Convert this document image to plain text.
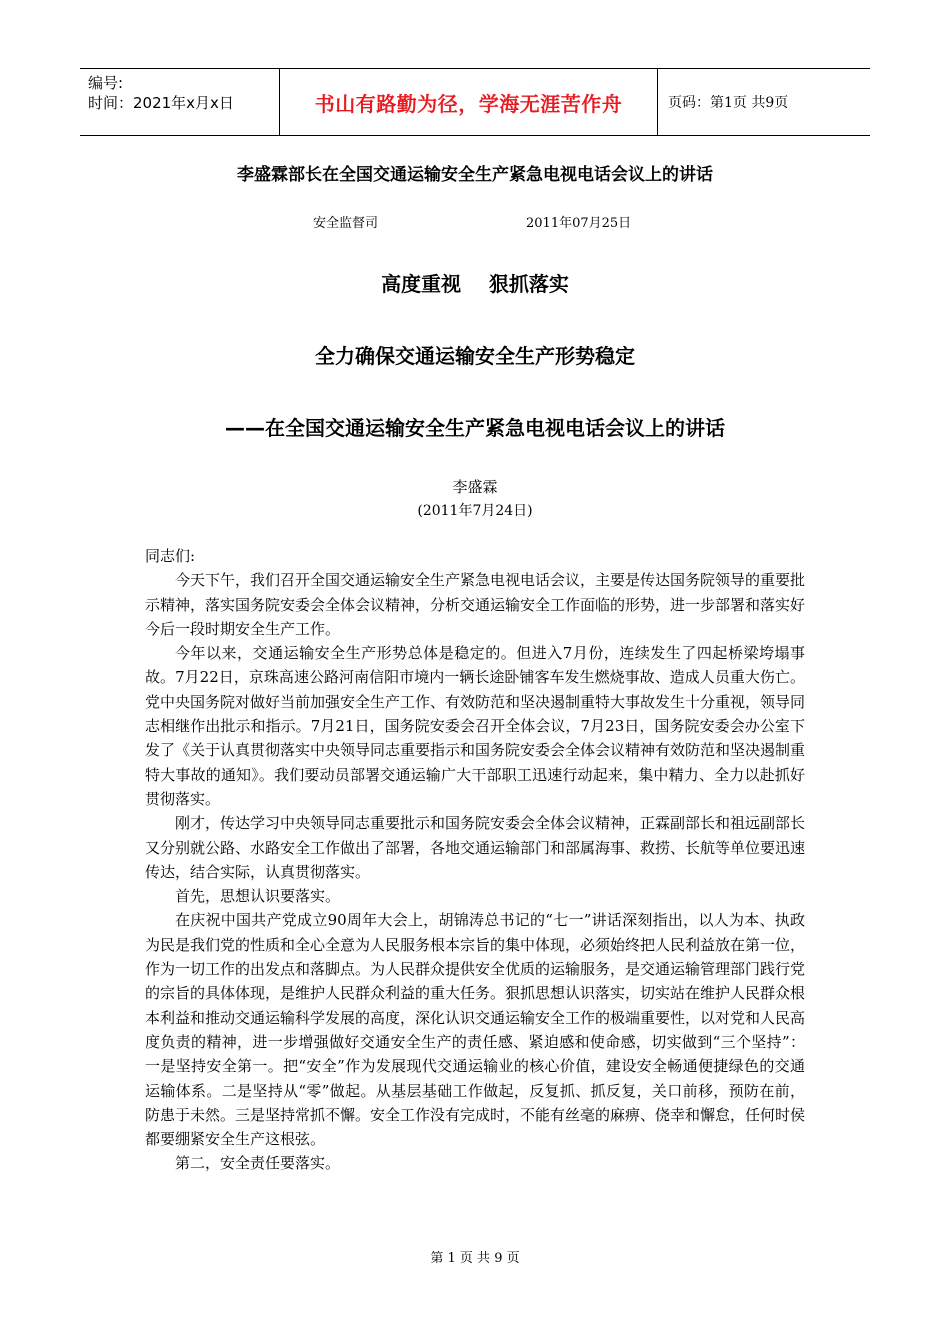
编号:
时间：2021年x月x日	书山有路勤为径，学海无涯苦作舟	页码：第1页 共9页
李盛霖部长在全国交通运输安全生产紧急电视电话会议上的讲话
安全监督司	2011年07月25日
高度重视    狠抓落实
全力确保交通运输安全生产形势稳定
——在全国交通运输安全生产紧急电视电话会议上的讲话
李盛霖
(2011年7月24日)

同志们:

今天下午，我们召开全国交通运输安全生产紧急电视电话会议，主要是传达国务院领导的重要批示精神，落实国务院安委会全体会议精神，分析交通运输安全工作面临的形势，进一步部署和落实好今后一段时期安全生产工作。

今年以来，交通运输安全生产形势总体是稳定的。但进入7月份，连续发生了四起桥梁垮塌事故。7月22日，京珠高速公路河南信阳市境内一辆长途卧铺客车发生燃烧事故、造成人员重大伤亡。党中央国务院对做好当前加强安全生产工作、有效防范和坚决遏制重特大事故发生十分重视，领导同志相继作出批示和指示。7月21日，国务院安委会召开全体会议，7月23日，国务院安委会办公室下发了《关于认真贯彻落实中央领导同志重要指示和国务院安委会全体会议精神有效防范和坚决遏制重特大事故的通知》。我们要动员部署交通运输广大干部职工迅速行动起来，集中精力、全力以赴抓好贯彻落实。

刚才，传达学习中央领导同志重要批示和国务院安委会全体会议精神，正霖副部长和祖远副部长又分别就公路、水路安全工作做出了部署，各地交通运输部门和部属海事、救捞、长航等单位要迅速传达，结合实际，认真贯彻落实。

首先，思想认识要落实。

在庆祝中国共产党成立90周年大会上，胡锦涛总书记的“七一”讲话深刻指出，以人为本、执政为民是我们党的性质和全心全意为人民服务根本宗旨的集中体现，必须始终把人民利益放在第一位，作为一切工作的出发点和落脚点。为人民群众提供安全优质的运输服务，是交通运输管理部门践行党的宗旨的具体体现，是维护人民群众利益的重大任务。狠抓思想认识落实，切实站在维护人民群众根本利益和推动交通运输科学发展的高度，深化认识交通运输安全工作的极端重要性，以对党和人民高度负责的精神，进一步增强做好交通安全生产的责任感、紧迫感和使命感，切实做到“三个坚持”：一是坚持安全第一。把“安全”作为发展现代交通运输业的核心价值，建设安全畅通便捷绿色的交通运输体系。二是坚持从“零”做起。从基层基础工作做起，反复抓、抓反复，关口前移，预防在前，防患于未然。三是坚持常抓不懈。安全工作没有完成时，不能有丝毫的麻痹、侥幸和懈怠，任何时侯都要绷紧安全生产这根弦。

第二，安全责任要落实。

第 1 页 共 9 页
